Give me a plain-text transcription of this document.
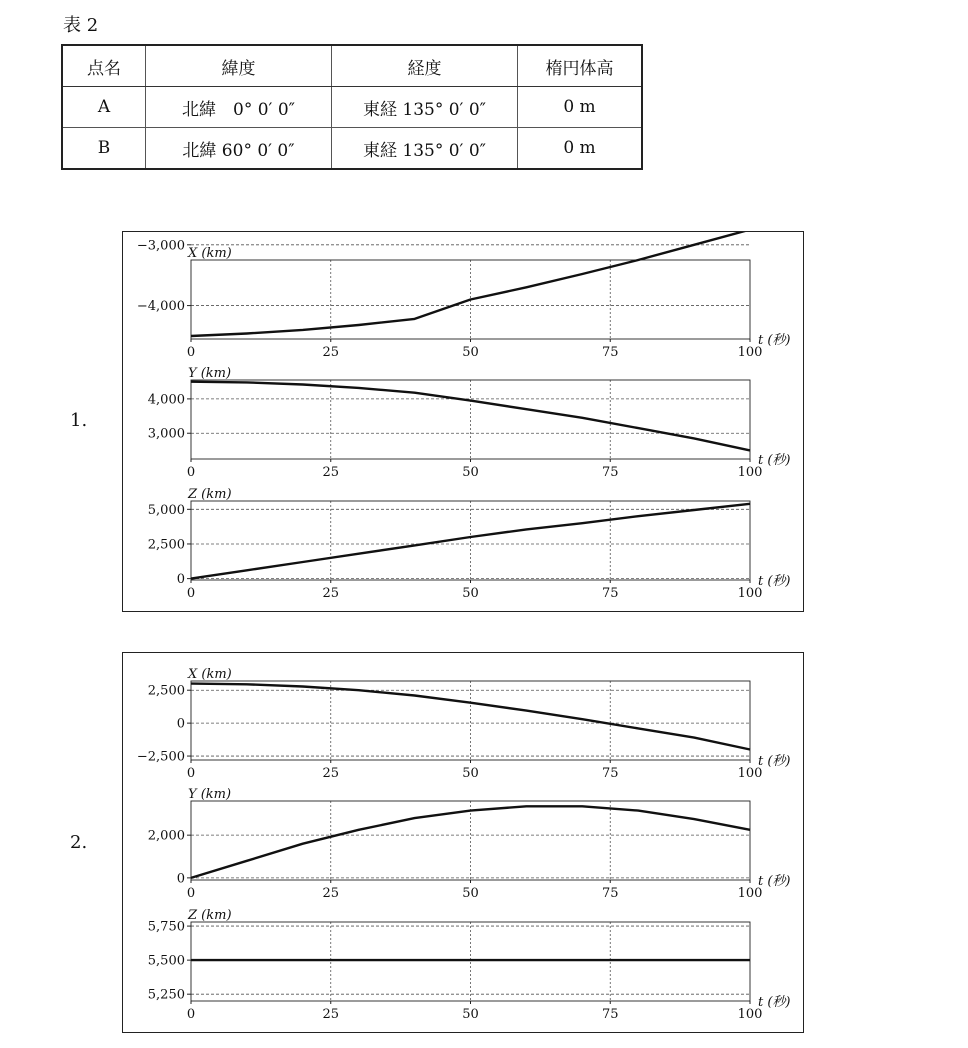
表 2
点名	緯度	経度	楕円体高
A	北緯　0° 0′ 0″	東経 135° 0′ 0″	0 m
B	北緯 60° 0′ 0″	東経 135° 0′ 0″	0 m
1.
−3,000
−4,000
0	25	50	75	100
X (km)
t (秒)
4,000
3,000
0	25	50	75	100
Y (km)
t (秒)
5,000
2,500
0
0	25	50	75	100
Z (km)
t (秒)
2.
2,500
0
−2,500
0	25	50	75	100
X (km)
t (秒)
2,000
0
0	25	50	75	100
Y (km)
t (秒)
5,750
5,500
5,250
0	25	50	75	100
Z (km)
t (秒)
